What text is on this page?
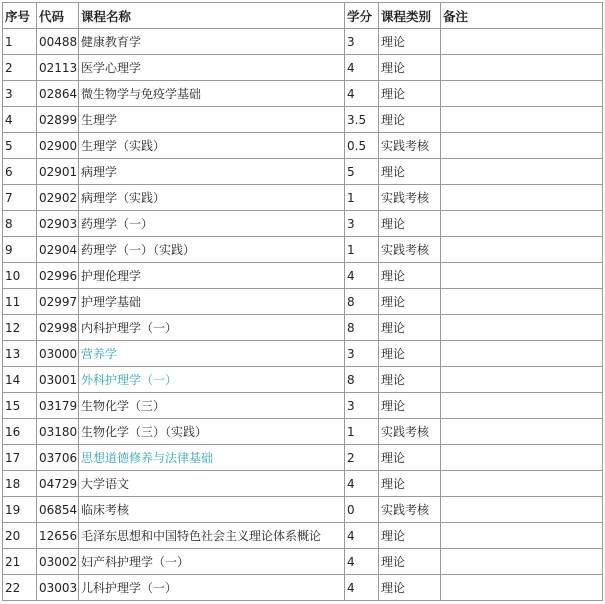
序号	代码	课程名称	学分	课程类别	备注
1	00488	健康教育学	3	理论	
2	02113	医学心理学	4	理论	
3	02864	微生物学与免疫学基础	4	理论	
4	02899	生理学	3.5	理论	
5	02900	生理学（实践）	0.5	实践考核	
6	02901	病理学	5	理论	
7	02902	病理学（实践）	1	实践考核	
8	02903	药理学（一）	3	理论	
9	02904	药理学（一）（实践）	1	实践考核	
10	02996	护理伦理学	4	理论	
11	02997	护理学基础	8	理论	
12	02998	内科护理学（一）	8	理论	
13	03000	营养学	3	理论	
14	03001	外科护理学（一）	8	理论	
15	03179	生物化学（三）	3	理论	
16	03180	生物化学（三）（实践）	1	实践考核	
17	03706	思想道德修养与法律基础	2	理论	
18	04729	大学语文	4	理论	
19	06854	临床考核	0	实践考核	
20	12656	毛泽东思想和中国特色社会主义理论体系概论	4	理论	
21	03002	妇产科护理学（一）	4	理论	
22	03003	儿科护理学（一）	4	理论	
